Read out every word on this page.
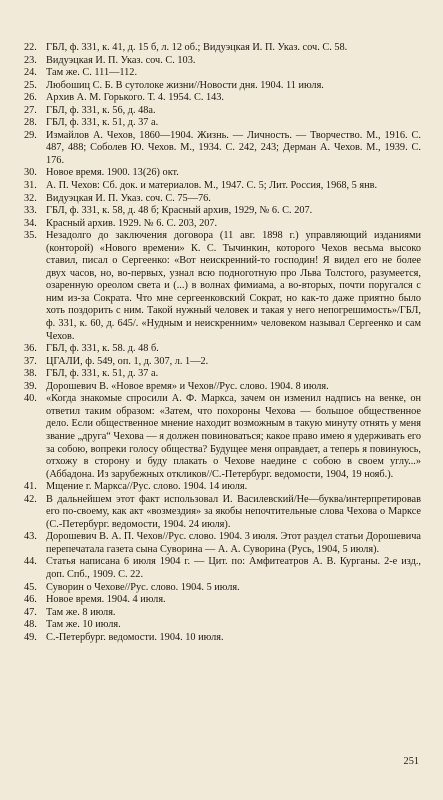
22. ГБЛ, ф. 331, к. 41, д. 15 б, л. 12 об.; Видуэцкая И. П. Указ. соч. С. 58.
23. Видуэцкая И. П. Указ. соч. С. 103.
24. Там же. С. 111—112.
25. Любошиц С. Б. В сутолоке жизни//Новости дня. 1904. 11 июля.
26. Архив А. М. Горького. Т. 4. 1954. С. 143.
27. ГБЛ, ф. 331, к. 56, д. 48а.
28. ГБЛ, ф. 331, к. 51, д. 37 а.
29. Измайлов А. Чехов, 1860—1904. Жизнь. — Личность. — Творчество. М., 1916. С. 487, 488; Соболев Ю. Чехов. М., 1934. С. 242, 243; Дерман А. Чехов. М., 1939. С. 176.
30. Новое время. 1900. 13(26) окт.
31. А. П. Чехов: Сб. док. и материалов. М., 1947. С. 5; Лит. Россия, 1968, 5 янв.
32. Видуэцкая И. П. Указ. соч. С. 75—76.
33. ГБЛ, ф. 331, к. 58, д. 48 б; Красный архив, 1929, № 6. С. 207.
34. Красный архив. 1929. № 6. С. 203, 207.
35. Незадолго до заключения договора (11 авг. 1898 г.) управляющий изданиями (конторой) «Нового времени» К. С. Тычинкин, которого Чехов весьма высоко ставил, писал о Сергеенко: «Вот неискренний-то господин! Я видел его не более двух часов, но, во-первых, узнал всю подноготную про Льва Толстого, разумеется, озаренную ореолом света и (...) в волнах фимиама, а во-вторых, почти поругался с ним из-за Сократа. Что мне сергеенковский Сократ, но как-то даже приятно было хоть поздорить с ним. Такой нужный человек и такая у него непогрешимость»/ГБЛ, ф. 331, к. 60, д. 645/. «Нудным и неискренним» человеком называл Сергеенко и сам Чехов.
36. ГБЛ, ф. 331, к. 58. д. 48 б.
37. ЦГАЛИ, ф. 549, оп. 1, д. 307, л. 1—2.
38. ГБЛ, ф. 331, к. 51, д. 37 а.
39. Дорошевич В. «Новое время» и Чехов//Рус. слово. 1904. 8 июля.
40. «Когда знакомые спросили А. Ф. Маркса, зачем он изменил надпись на венке, он ответил таким образом: «Затем, что похороны Чехова — большое общественное дело. Если общественное мнение находит возможным в такую минуту отнять у меня звание „друга“ Чехова — я должен повиноваться; какое право имею я удерживать его за собою, вопреки голосу общества? Будущее меня оправдает, а теперь я повинуюсь, отхожу в сторону и буду плакать о Чехове наедине с собою в своем углу...» (Аббадона. Из зарубежных откликов//С.-Петербург. ведомости, 1904, 19 нояб.).
41. Мщение г. Маркса//Рус. слово. 1904. 14 июля.
42. В дальнейшем этот факт использовал И. Василевский/Не—буква/интерпретировав его по-своему, как акт «возмездия» за якобы непочтительные слова Чехова о Марксе (С.-Петербург. ведомости, 1904. 24 июля).
43. Дорошевич В. А. П. Чехов//Рус. слово. 1904. 3 июля. Этот раздел статьи Дорошевича перепечатала газета сына Суворина — А. А. Суворина (Русь, 1904, 5 июля).
44. Статья написана 6 июля 1904 г. — Цит. по: Амфитеатров А. В. Курганы. 2-е изд., доп. Спб., 1909. С. 22.
45. Суворин о Чехове//Рус. слово. 1904. 5 июля.
46. Новое время. 1904. 4 июля.
47. Там же. 8 июля.
48. Там же. 10 июля.
49. С.-Петербург. ведомости. 1904. 10 июля.
251
